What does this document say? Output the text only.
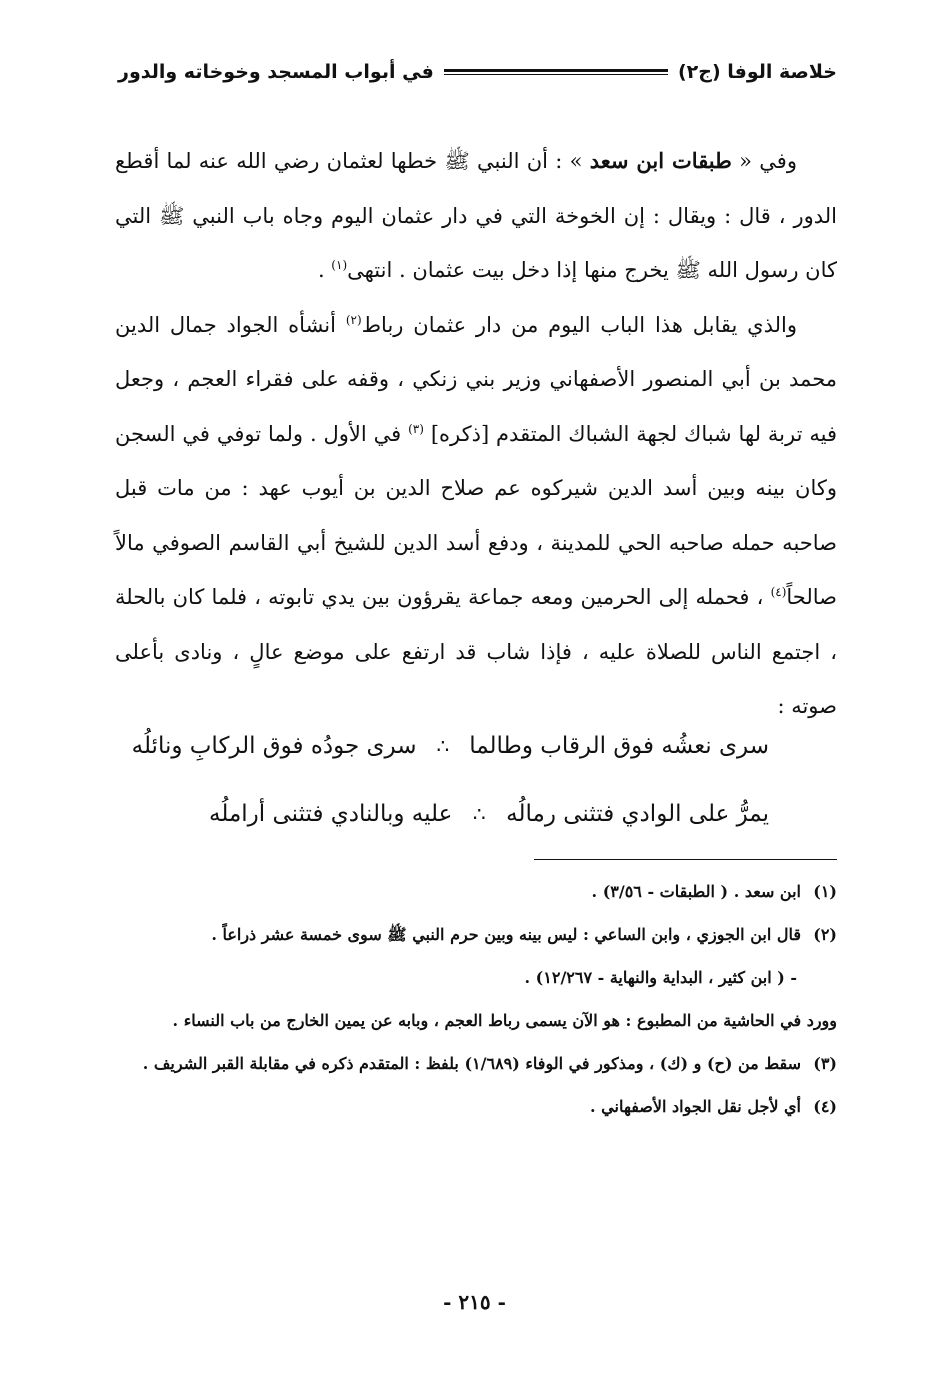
خلاصة الوفا (ج٢)
في أبواب المسجد وخوخاته والدور

وفي « طبقات ابن سعد » : أن النبي ﷺ خطها لعثمان رضي الله عنه لما أقطع الدور ، قال : ويقال : إن الخوخة التي في دار عثمان اليوم وجاه باب النبي ﷺ التي كان رسول الله ﷺ يخرج منها إذا دخل بيت عثمان . انتهى$^{(١)}$ .

والذي يقابل هذا الباب اليوم من دار عثمان رباط$^{(٢)}$ أنشأه الجواد جمال الدين محمد بن أبي المنصور الأصفهاني وزير بني زنكي ، وقفه على فقراء العجم ، وجعل فيه تربة لها شباك لجهة الشباك المتقدم [ذكره] $^{(٣)}$ في الأول . ولما توفي في السجن وكان بينه وبين أسد الدين شيركوه عم صلاح الدين بن أيوب عهد : من مات قبل صاحبه حمله صاحبه الحي للمدينة ، ودفع أسد الدين للشيخ أبي القاسم الصوفي مالاً صالحاً$^{(٤)}$ ، فحمله إلى الحرمين ومعه جماعة يقرؤون بين يدي تابوته ، فلما كان بالحلة ، اجتمع الناس للصلاة عليه ، فإذا شاب قد ارتفع على موضع عالٍ ، ونادى بأعلى صوته :

سرى نعشُه فوق الرقاب وطالما
∴
سرى جودُه فوق الركابِ ونائلُه
يمرُّ على الوادي فتثنى رمالُه
∴
عليه وبالنادي فتثنى أراملُه
(١)
ابن سعد . ( الطبقات - ٣/٥٦) .
(٢)
قال ابن الجوزي ، وابن الساعي : ليس بينه وبين حرم النبي ﷺ سوى خمسة عشر ذراعاً .
- ( ابن كثير ، البداية والنهاية - ١٢/٢٦٧) .
وورد في الحاشية من المطبوع : هو الآن يسمى رباط العجم ، وبابه عن يمين الخارج من باب النساء .
(٣)
سقط من (ح) و (ك) ، ومذكور في الوفاء (١/٦٨٩) بلفظ : المتقدم ذكره في مقابلة القبر الشريف .
(٤)
أي لأجل نقل الجواد الأصفهاني .
- ٢١٥ -
